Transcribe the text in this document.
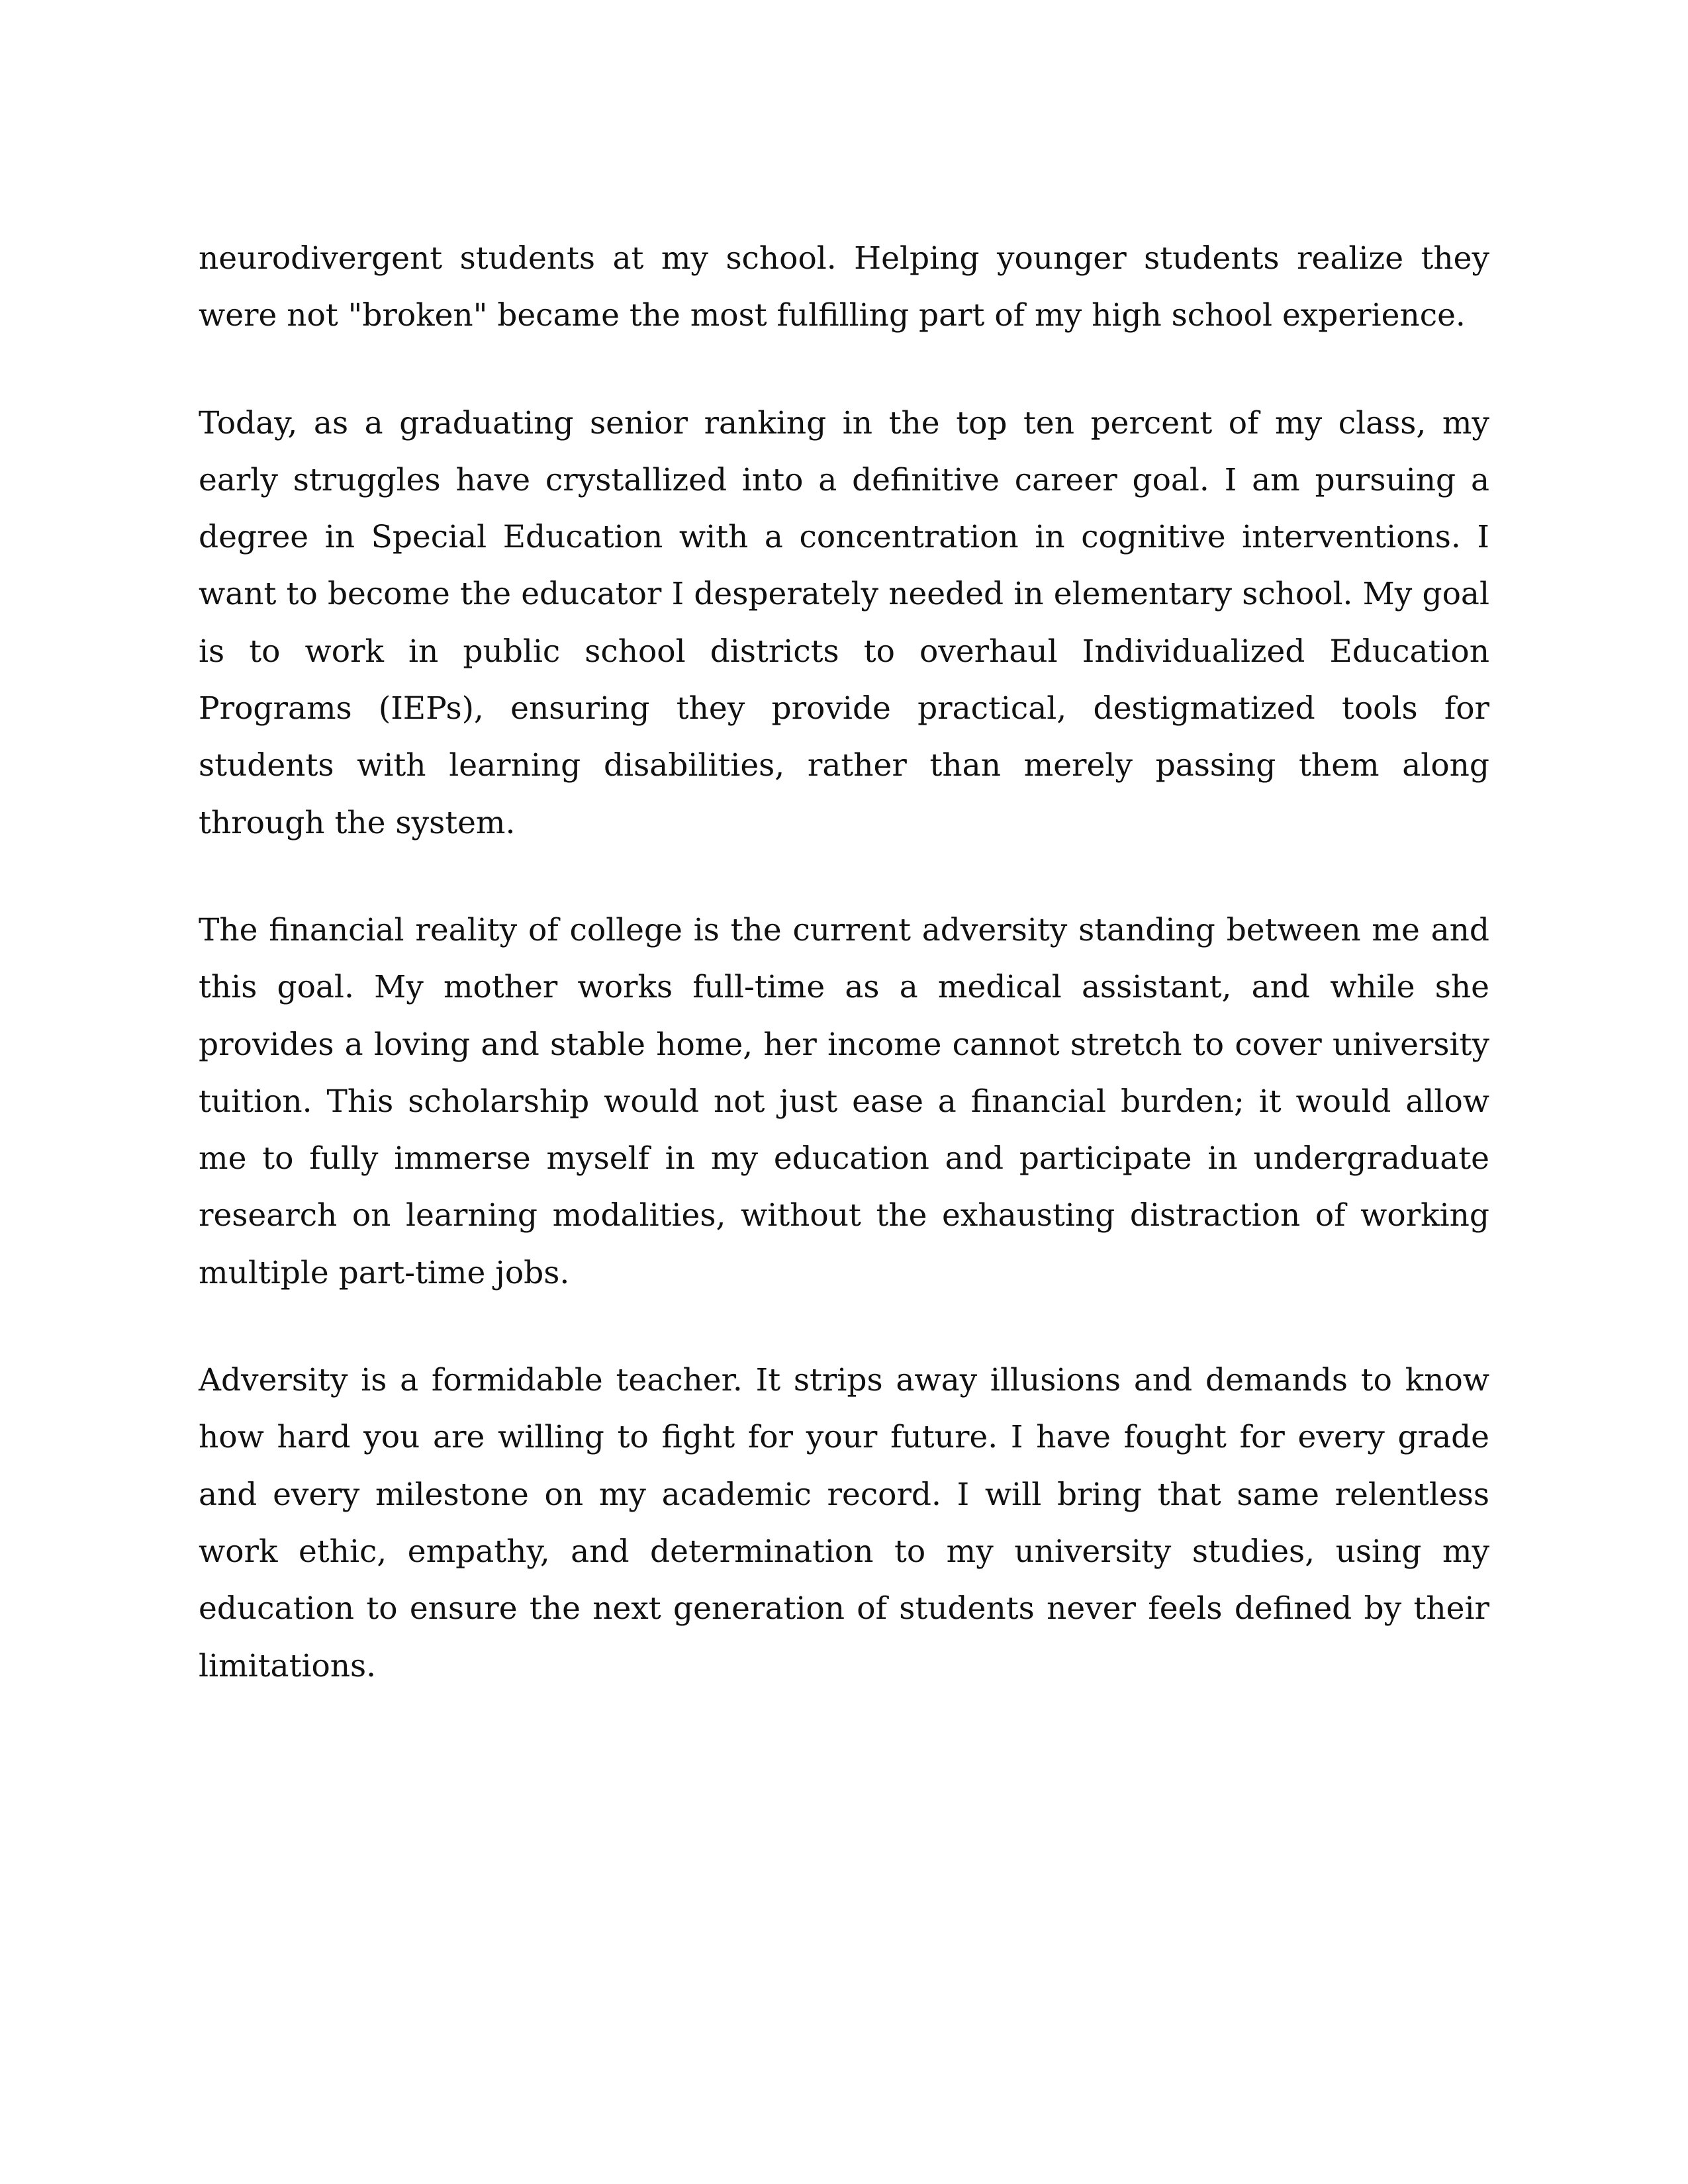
neurodivergent students at my school. Helping younger students realize they were not "broken" became the most fulfilling part of my high school experience.

Today, as a graduating senior ranking in the top ten percent of my class, my early struggles have crystallized into a definitive career goal. I am pursuing a degree in Special Education with a concentration in cognitive interventions. I want to become the educator I desperately needed in elementary school. My goal is to work in public school districts to overhaul Individualized Education Programs (IEPs), ensuring they provide practical, destigmatized tools for students with learning disabilities, rather than merely passing them along through the system.

The financial reality of college is the current adversity standing between me and this goal. My mother works full-time as a medical assistant, and while she provides a loving and stable home, her income cannot stretch to cover university tuition. This scholarship would not just ease a financial burden; it would allow me to fully immerse myself in my education and participate in undergraduate research on learning modalities, without the exhausting distraction of working multiple part-time jobs.

Adversity is a formidable teacher. It strips away illusions and demands to know how hard you are willing to fight for your future. I have fought for every grade and every milestone on my academic record. I will bring that same relentless work ethic, empathy, and determination to my university studies, using my education to ensure the next generation of students never feels defined by their limitations.
